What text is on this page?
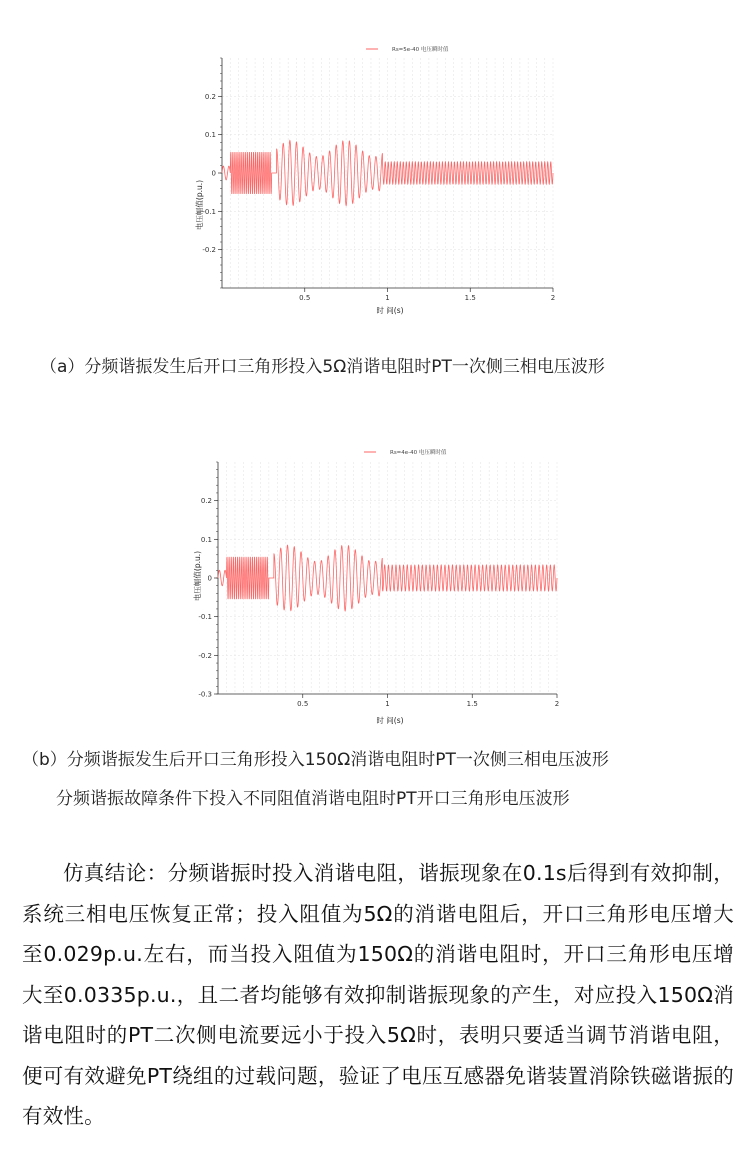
Rs=5e-40 电压瞬时值
0.2
0.1
0
-0.1
-0.2
0.5	1	1.5	2
时 间(s)
电压幅值(p.u.)
（a）分频谐振发生后开口三角形投入5Ω消谐电阻时PT一次侧三相电压波形
Rs=4e-40 电压瞬时值
0.2
0.1
0
-0.1
-0.2
-0.3
0.5	1	1.5	2
时 间(s)
电压幅值(p.u.)
（b）分频谐振发生后开口三角形投入150Ω消谐电阻时PT一次侧三相电压波形
分频谐振故障条件下投入不同阻值消谐电阻时PT开口三角形电压波形
仿真结论：分频谐振时投入消谐电阻，谐振现象在0.1s后得到有效抑制，系统三相电压恢复正常；投入阻值为5Ω的消谐电阻后，开口三角形电压增大至0.029p.u.左右，而当投入阻值为150Ω的消谐电阻时，开口三角形电压增大至0.0335p.u.，且二者均能够有效抑制谐振现象的产生，对应投入150Ω消谐电阻时的PT二次侧电流要远小于投入5Ω时，表明只要适当调节消谐电阻，便可有效避免PT绕组的过载问题，验证了电压互感器免谐装置消除铁磁谐振的有效性。
